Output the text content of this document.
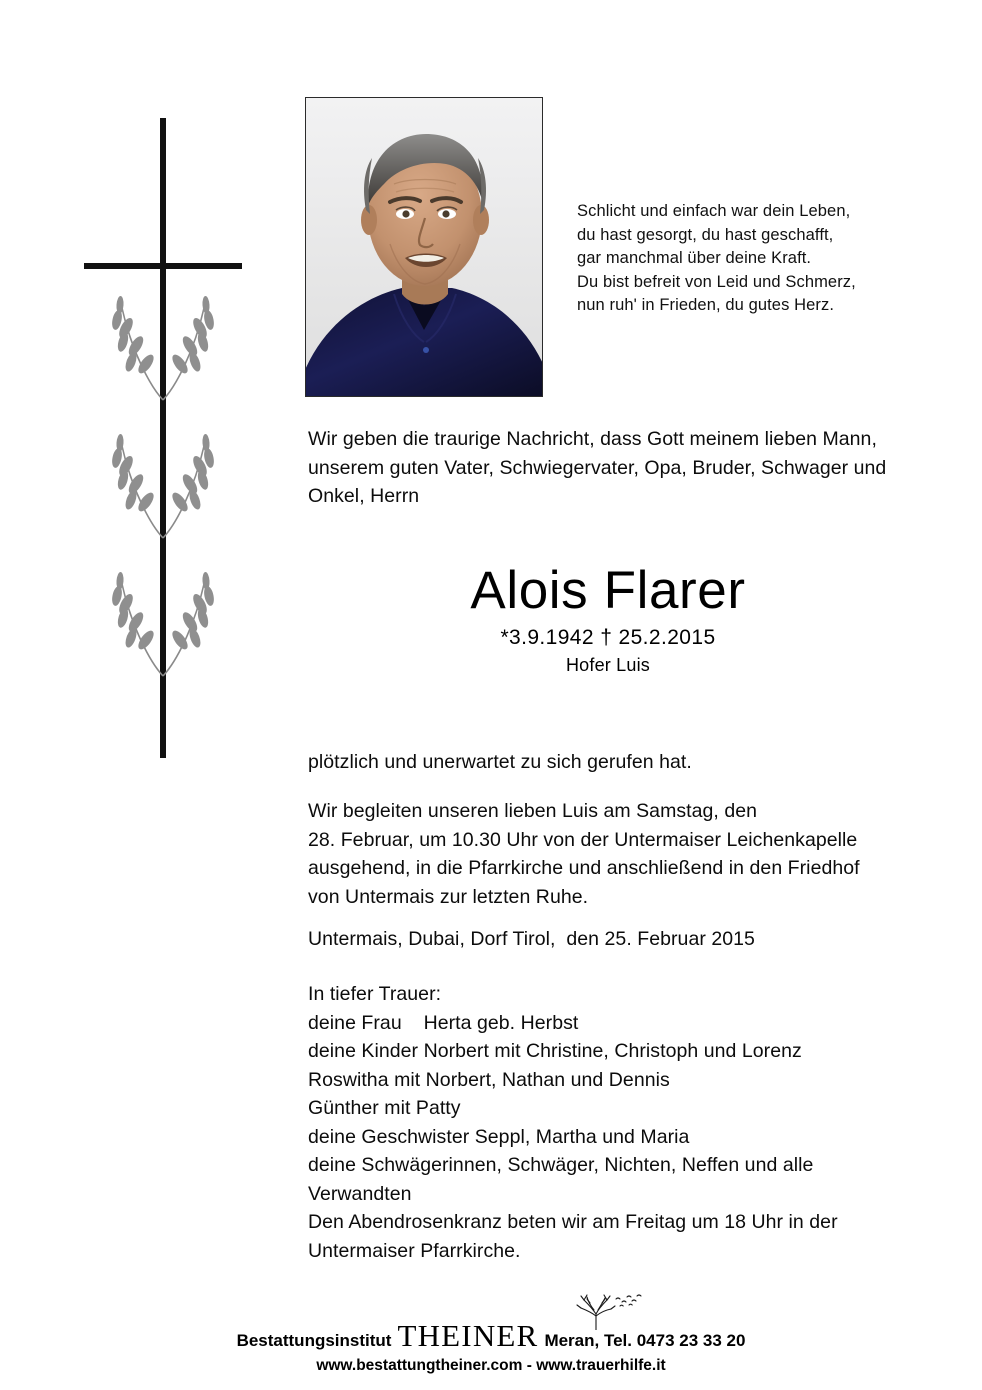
Schlicht und einfach war dein Leben,
du hast gesorgt, du hast geschafft,
gar manchmal über deine Kraft.
Du bist befreit von Leid und Schmerz,
nun ruh' in Frieden, du gutes Herz.

Wir geben die traurige Nachricht, dass Gott meinem lieben Mann,

unserem guten Vater, Schwiegervater, Opa, Bruder, Schwager und

Onkel, Herrn

Alois Flarer
*3.9.1942 † 25.2.2015
Hofer Luis

plötzlich und unerwartet zu sich gerufen hat.

Wir begleiten unseren lieben Luis am Samstag, den

28. Februar, um 10.30 Uhr von der Untermaiser Leichenkapelle

ausgehend, in die Pfarrkirche und anschließend in den Friedhof

von Untermais zur letzten Ruhe.

Untermais, Dubai, Dorf Tirol,  den 25. Februar 2015

In tiefer Trauer:

deine Frau    Herta geb. Herbst

deine Kinder Norbert mit Christine, Christoph und Lorenz

Roswitha mit Norbert, Nathan und Dennis

Günther mit Patty

deine Geschwister Seppl, Martha und Maria

deine Schwägerinnen, Schwäger, Nichten, Neffen und alle

Verwandten

Den Abendrosenkranz beten wir am Freitag um 18 Uhr in der

Untermaiser Pfarrkirche.

Bestattungsinstitut THEINER Meran, Tel. 0473 23 33 20
www.bestattungtheiner.com - www.trauerhilfe.it
